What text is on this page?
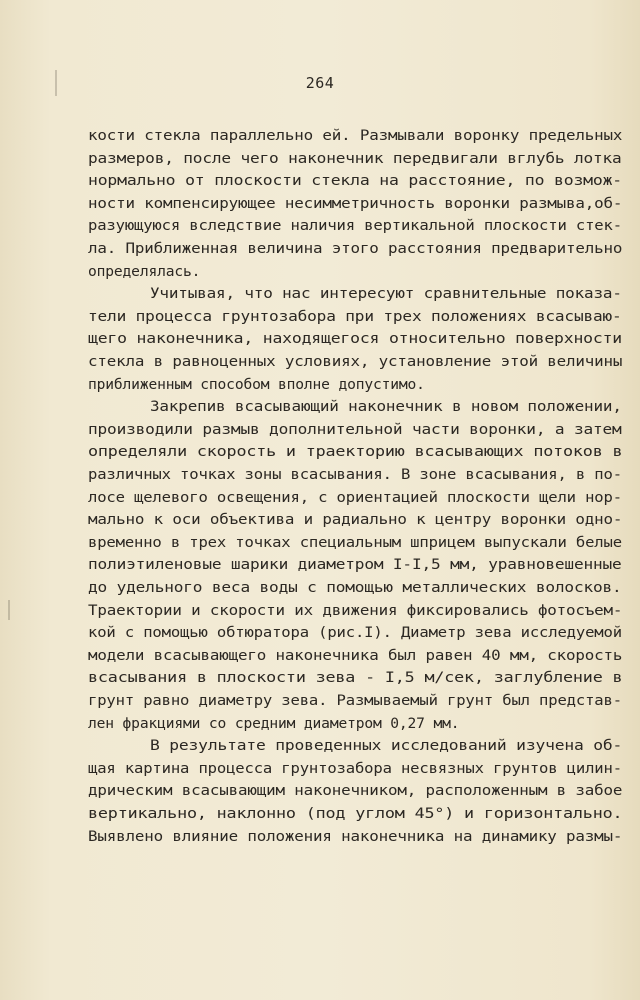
264
кости стекла параллельно ей. Размывали воронку предельных
размеров, после чего наконечник передвигали вглубь лотка
нормально от плоскости стекла на расстояние, по возмож-
ности компенсирующее несимметричность воронки размыва,об-
разующуюся вследствие наличия вертикальной плоскости стек-
ла. Приближенная величина этого расстояния предварительно
определялась.
Учитывая, что нас интересуют сравнительные показа-
тели процесса грунтозабора при трех положениях всасываю-
щего наконечника, находящегося относительно поверхности
стекла в равноценных условиях, установление этой величины
приближенным способом вполне допустимо.
Закрепив всасывающий наконечник в новом положении,
производили размыв дополнительной части воронки, а затем
определяли скорость и траекторию всасывающих потоков в
различных точках зоны всасывания. В зоне всасывания, в по-
лосе щелевого освещения, с ориентацией плоскости щели нор-
мально к оси объектива и радиально к центру воронки одно-
временно в трех точках специальным шприцем выпускали белые
полиэтиленовые шарики диаметром I-I,5 мм, уравновешенные
до удельного веса воды с помощью металлических волосков.
Траектории и скорости их движения фиксировались фотосъем-
кой с помощью обтюратора (рис.I). Диаметр зева исследуемой
модели всасывающего наконечника был равен 40 мм, скорость
всасывания в плоскости зева - I,5 м/сек, заглубление в
грунт равно диаметру зева. Размываемый грунт был представ-
лен фракциями со средним диаметром 0,27 мм.
В результате проведенных исследований изучена об-
щая картина процесса грунтозабора несвязных грунтов цилин-
дрическим всасывающим наконечником, расположенным в забое
вертикально, наклонно (под углом 45°) и горизонтально.
Выявлено влияние положения наконечника на динамику размы-
